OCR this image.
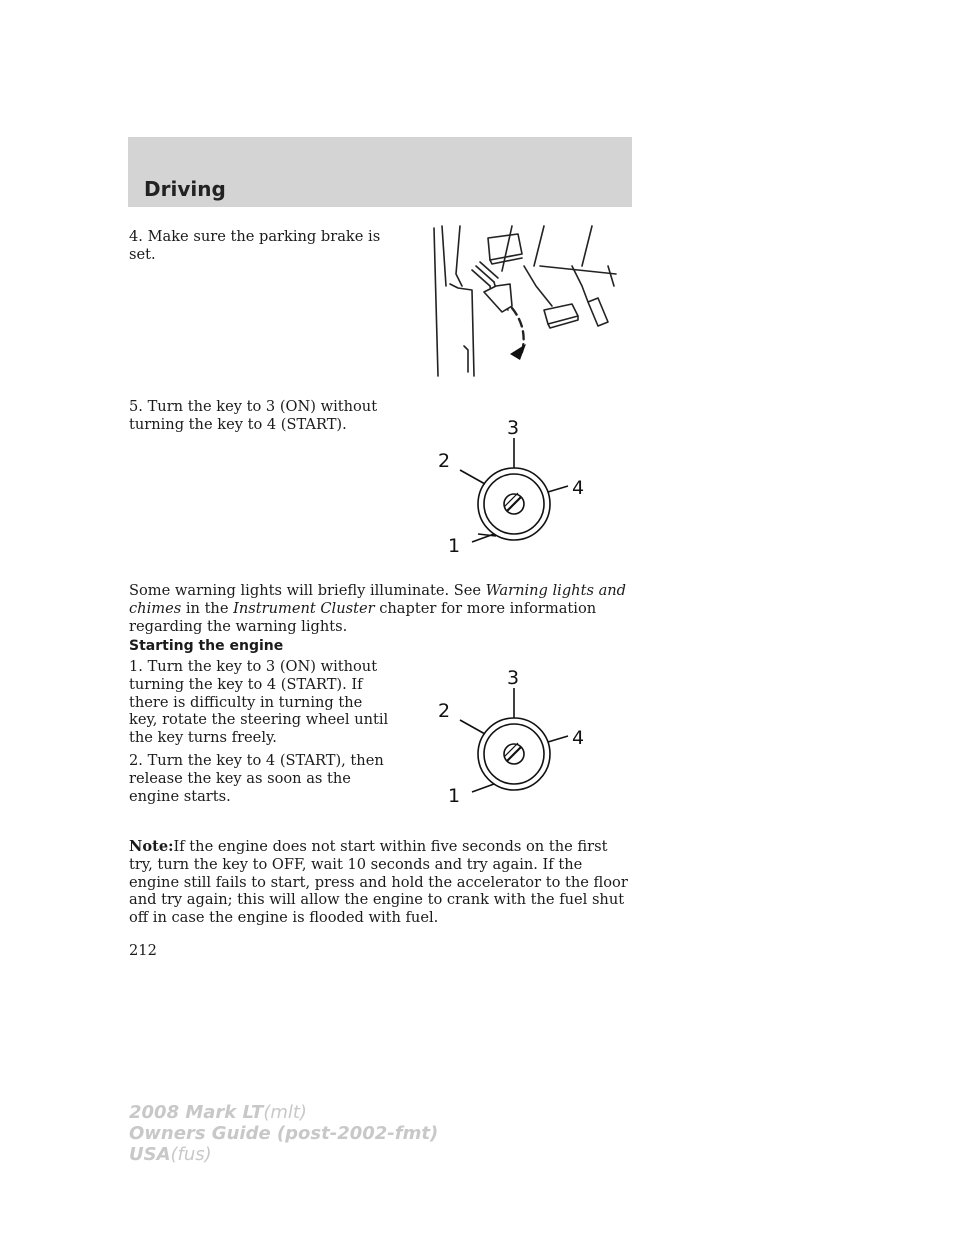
Driving

4. Make sure the parking brake is set.

5. Turn the key to 3 (ON) without turning the key to 4 (START).	3
2
4
1

Some warning lights will briefly illuminate. See Warning lights and chimes in the Instrument Cluster chapter for more information regarding the warning lights.

Starting the engine

1. Turn the key to 3 (ON) without turning the key to 4 (START). If there is difficulty in turning the key, rotate the steering wheel until the key turns freely.

2. Turn the key to 4 (START), then release the key as soon as the engine starts.

3
2
4
1

Note:If the engine does not start within five seconds on the first try, turn the key to OFF, wait 10 seconds and try again. If the engine still fails to start, press and hold the accelerator to the floor and try again; this will allow the engine to crank with the fuel shut off in case the engine is flooded with fuel.

212
2008 Mark LT(mlt)
Owners Guide (post-2002-fmt)
USA(fus)
